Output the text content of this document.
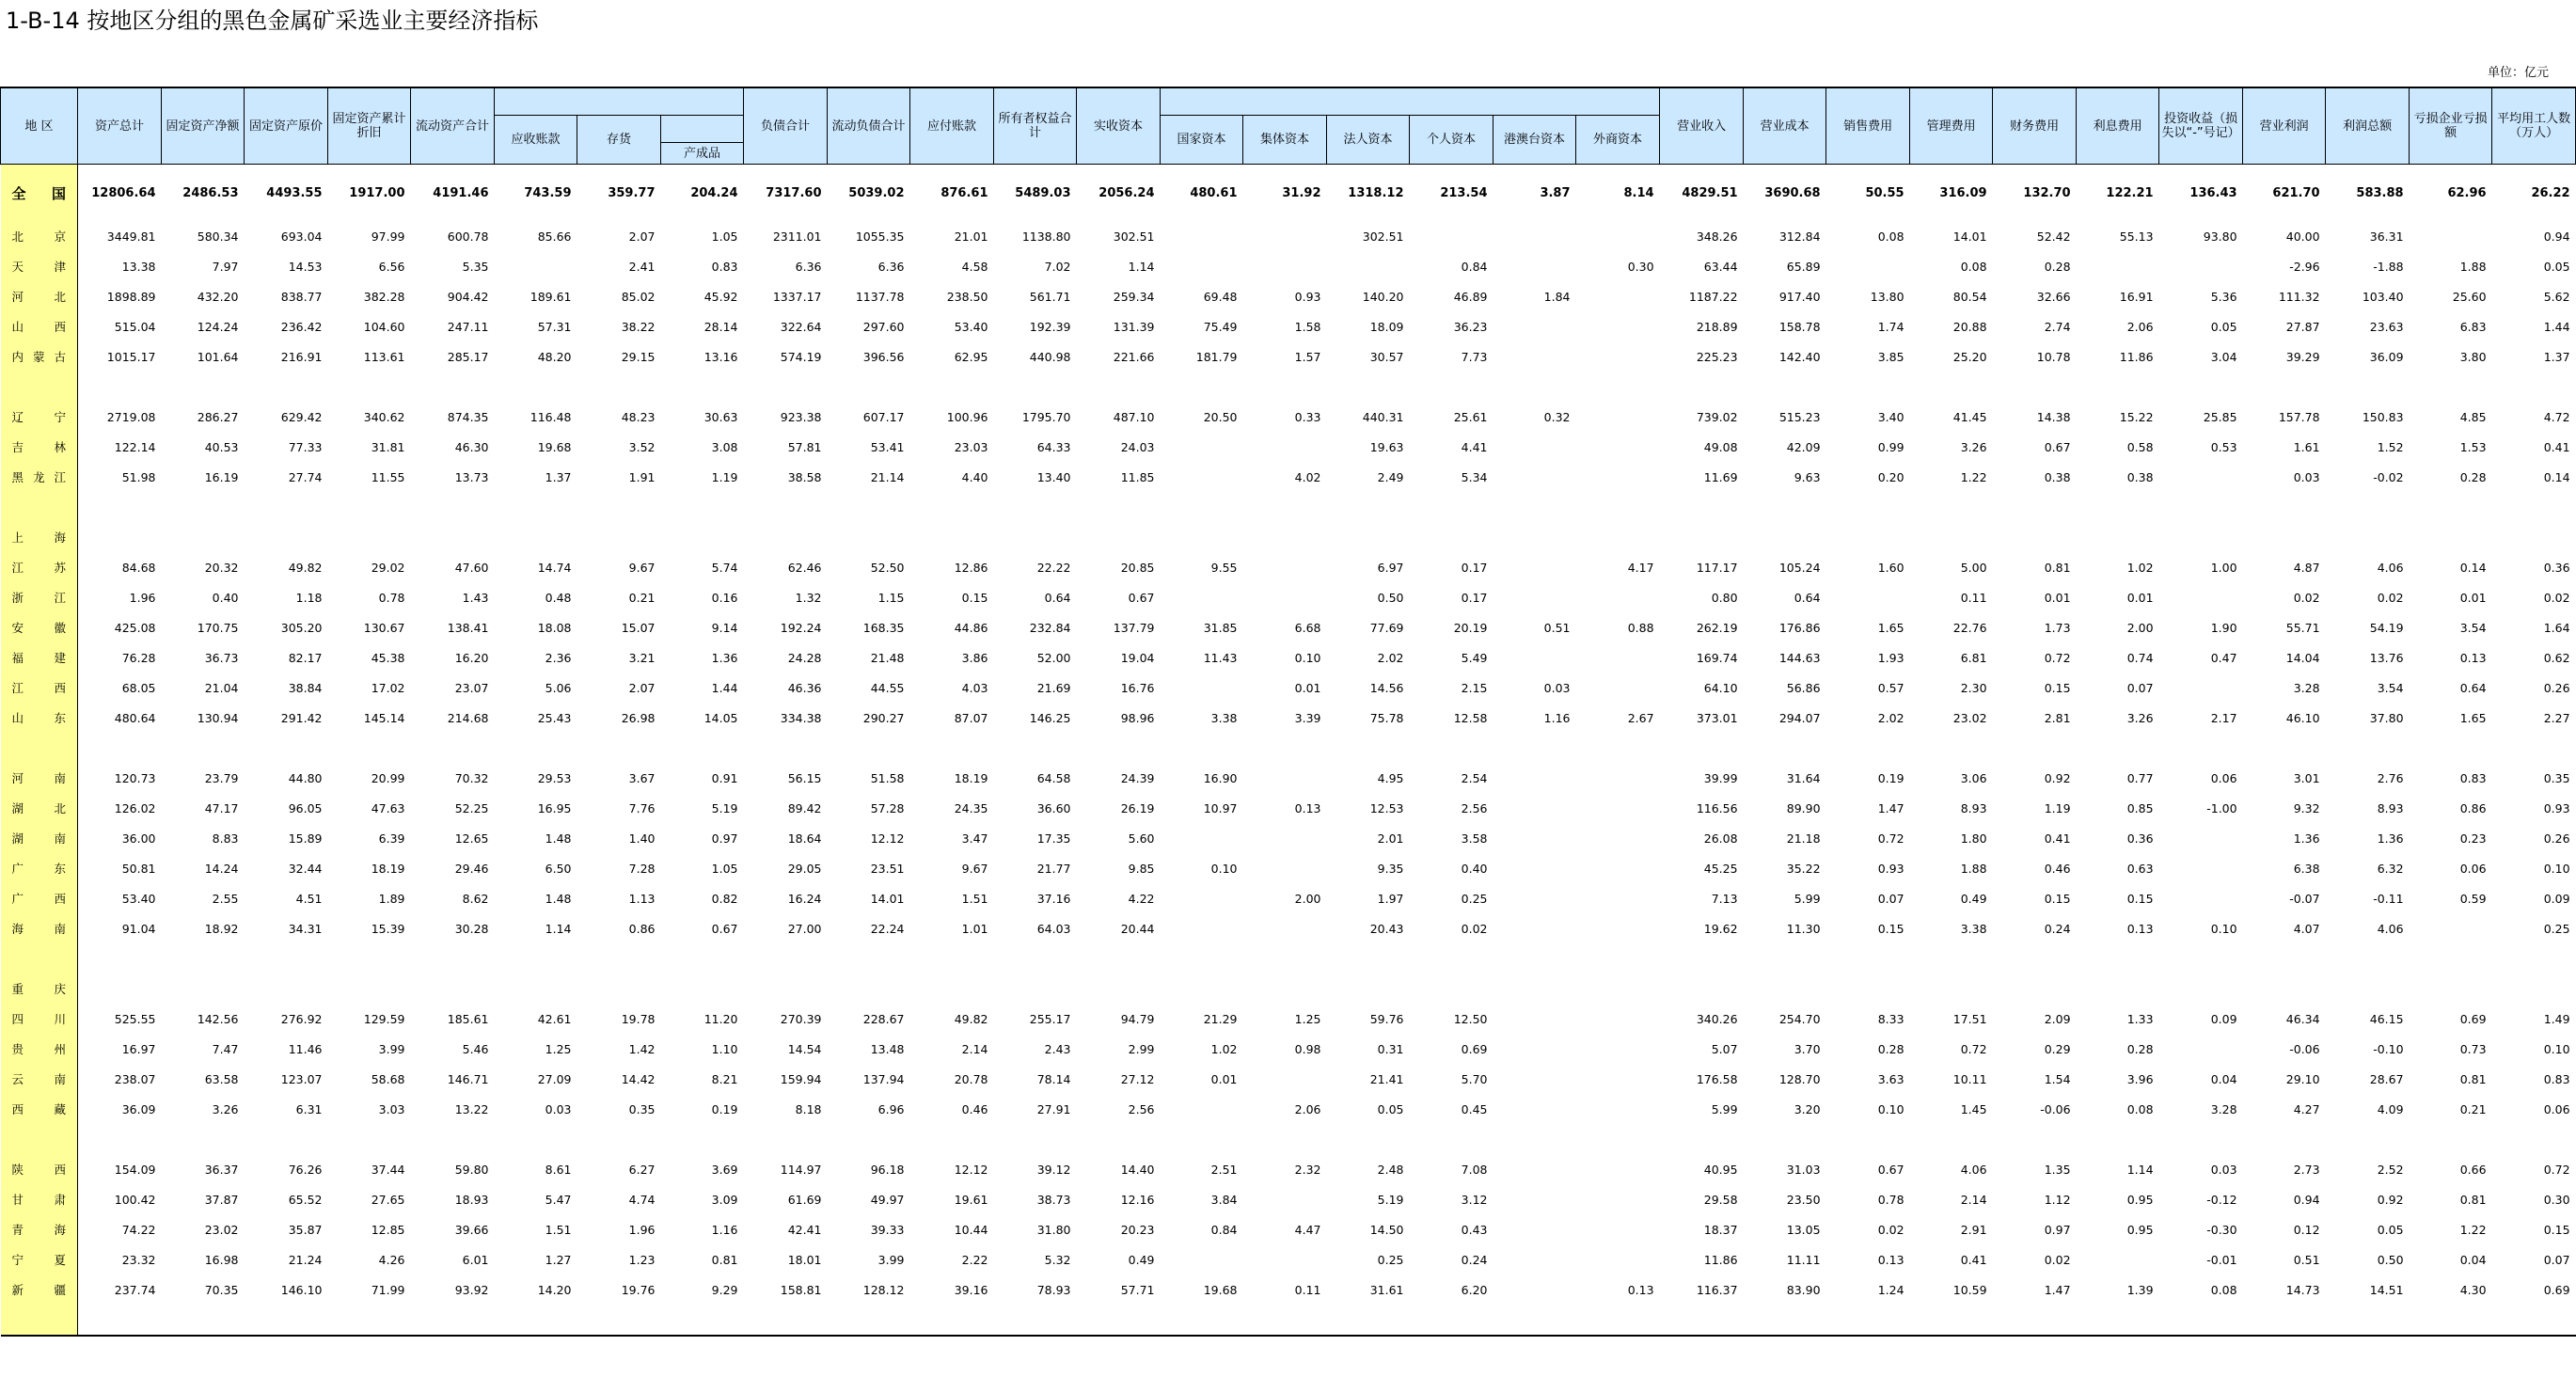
1-B-14 按地区分组的黑色金属矿采选业主要经济指标
单位：亿元
地 区	资产总计	固定资产净额	固定资产原价	固定资产累计折旧	流动资产合计				负债合计	流动负债合计	应付账款	所有者权益合计	实收资本							营业收入	营业成本	销售费用	管理费用	财务费用	利息费用	投资收益（损失以“-”号记）	营业利润	利润总额	亏损企业亏损额	平均用工人数（万人）
						应收账款	存货							国家资本	集体资本	法人资本	个人资本	港澳台资本	外商资本											
								产成品																						
全 国	12806.64	2486.53	4493.55	1917.00	4191.46	743.59	359.77	204.24	7317.60	5039.02	876.61	5489.03	2056.24	480.61	31.92	1318.12	213.54	3.87	8.14	4829.51	3690.68	50.55	316.09	132.70	122.21	136.43	621.70	583.88	62.96	26.22
北 京	3449.81	580.34	693.04	97.99	600.78	85.66	2.07	1.05	2311.01	1055.35	21.01	1138.80	302.51			302.51				348.26	312.84	0.08	14.01	52.42	55.13	93.80	40.00	36.31		0.94
天 津	13.38	7.97	14.53	6.56	5.35		2.41	0.83	6.36	6.36	4.58	7.02	1.14				0.84		0.30	63.44	65.89		0.08	0.28			-2.96	-1.88	1.88	0.05
河 北	1898.89	432.20	838.77	382.28	904.42	189.61	85.02	45.92	1337.17	1137.78	238.50	561.71	259.34	69.48	0.93	140.20	46.89	1.84		1187.22	917.40	13.80	80.54	32.66	16.91	5.36	111.32	103.40	25.60	5.62
山 西	515.04	124.24	236.42	104.60	247.11	57.31	38.22	28.14	322.64	297.60	53.40	192.39	131.39	75.49	1.58	18.09	36.23			218.89	158.78	1.74	20.88	2.74	2.06	0.05	27.87	23.63	6.83	1.44
内 蒙 古	1015.17	101.64	216.91	113.61	285.17	48.20	29.15	13.16	574.19	396.56	62.95	440.98	221.66	181.79	1.57	30.57	7.73			225.23	142.40	3.85	25.20	10.78	11.86	3.04	39.29	36.09	3.80	1.37

辽 宁	2719.08	286.27	629.42	340.62	874.35	116.48	48.23	30.63	923.38	607.17	100.96	1795.70	487.10	20.50	0.33	440.31	25.61	0.32		739.02	515.23	3.40	41.45	14.38	15.22	25.85	157.78	150.83	4.85	4.72
吉 林	122.14	40.53	77.33	31.81	46.30	19.68	3.52	3.08	57.81	53.41	23.03	64.33	24.03			19.63	4.41			49.08	42.09	0.99	3.26	0.67	0.58	0.53	1.61	1.52	1.53	0.41
黑 龙 江	51.98	16.19	27.74	11.55	13.73	1.37	1.91	1.19	38.58	21.14	4.40	13.40	11.85		4.02	2.49	5.34			11.69	9.63	0.20	1.22	0.38	0.38		0.03	-0.02	0.28	0.14

上 海																														
江 苏	84.68	20.32	49.82	29.02	47.60	14.74	9.67	5.74	62.46	52.50	12.86	22.22	20.85	9.55		6.97	0.17		4.17	117.17	105.24	1.60	5.00	0.81	1.02	1.00	4.87	4.06	0.14	0.36
浙 江	1.96	0.40	1.18	0.78	1.43	0.48	0.21	0.16	1.32	1.15	0.15	0.64	0.67			0.50	0.17			0.80	0.64		0.11	0.01	0.01		0.02	0.02	0.01	0.02
安 徽	425.08	170.75	305.20	130.67	138.41	18.08	15.07	9.14	192.24	168.35	44.86	232.84	137.79	31.85	6.68	77.69	20.19	0.51	0.88	262.19	176.86	1.65	22.76	1.73	2.00	1.90	55.71	54.19	3.54	1.64
福 建	76.28	36.73	82.17	45.38	16.20	2.36	3.21	1.36	24.28	21.48	3.86	52.00	19.04	11.43	0.10	2.02	5.49			169.74	144.63	1.93	6.81	0.72	0.74	0.47	14.04	13.76	0.13	0.62
江 西	68.05	21.04	38.84	17.02	23.07	5.06	2.07	1.44	46.36	44.55	4.03	21.69	16.76		0.01	14.56	2.15	0.03		64.10	56.86	0.57	2.30	0.15	0.07		3.28	3.54	0.64	0.26
山 东	480.64	130.94	291.42	145.14	214.68	25.43	26.98	14.05	334.38	290.27	87.07	146.25	98.96	3.38	3.39	75.78	12.58	1.16	2.67	373.01	294.07	2.02	23.02	2.81	3.26	2.17	46.10	37.80	1.65	2.27

河 南	120.73	23.79	44.80	20.99	70.32	29.53	3.67	0.91	56.15	51.58	18.19	64.58	24.39	16.90		4.95	2.54			39.99	31.64	0.19	3.06	0.92	0.77	0.06	3.01	2.76	0.83	0.35
湖 北	126.02	47.17	96.05	47.63	52.25	16.95	7.76	5.19	89.42	57.28	24.35	36.60	26.19	10.97	0.13	12.53	2.56			116.56	89.90	1.47	8.93	1.19	0.85	-1.00	9.32	8.93	0.86	0.93
湖 南	36.00	8.83	15.89	6.39	12.65	1.48	1.40	0.97	18.64	12.12	3.47	17.35	5.60			2.01	3.58			26.08	21.18	0.72	1.80	0.41	0.36		1.36	1.36	0.23	0.26
广 东	50.81	14.24	32.44	18.19	29.46	6.50	7.28	1.05	29.05	23.51	9.67	21.77	9.85	0.10		9.35	0.40			45.25	35.22	0.93	1.88	0.46	0.63		6.38	6.32	0.06	0.10
广 西	53.40	2.55	4.51	1.89	8.62	1.48	1.13	0.82	16.24	14.01	1.51	37.16	4.22		2.00	1.97	0.25			7.13	5.99	0.07	0.49	0.15	0.15		-0.07	-0.11	0.59	0.09
海 南	91.04	18.92	34.31	15.39	30.28	1.14	0.86	0.67	27.00	22.24	1.01	64.03	20.44			20.43	0.02			19.62	11.30	0.15	3.38	0.24	0.13	0.10	4.07	4.06		0.25

重 庆																														
四 川	525.55	142.56	276.92	129.59	185.61	42.61	19.78	11.20	270.39	228.67	49.82	255.17	94.79	21.29	1.25	59.76	12.50			340.26	254.70	8.33	17.51	2.09	1.33	0.09	46.34	46.15	0.69	1.49
贵 州	16.97	7.47	11.46	3.99	5.46	1.25	1.42	1.10	14.54	13.48	2.14	2.43	2.99	1.02	0.98	0.31	0.69			5.07	3.70	0.28	0.72	0.29	0.28		-0.06	-0.10	0.73	0.10
云 南	238.07	63.58	123.07	58.68	146.71	27.09	14.42	8.21	159.94	137.94	20.78	78.14	27.12	0.01		21.41	5.70			176.58	128.70	3.63	10.11	1.54	3.96	0.04	29.10	28.67	0.81	0.83
西 藏	36.09	3.26	6.31	3.03	13.22	0.03	0.35	0.19	8.18	6.96	0.46	27.91	2.56		2.06	0.05	0.45			5.99	3.20	0.10	1.45	-0.06	0.08	3.28	4.27	4.09	0.21	0.06

陕 西	154.09	36.37	76.26	37.44	59.80	8.61	6.27	3.69	114.97	96.18	12.12	39.12	14.40	2.51	2.32	2.48	7.08			40.95	31.03	0.67	4.06	1.35	1.14	0.03	2.73	2.52	0.66	0.72
甘 肃	100.42	37.87	65.52	27.65	18.93	5.47	4.74	3.09	61.69	49.97	19.61	38.73	12.16	3.84		5.19	3.12			29.58	23.50	0.78	2.14	1.12	0.95	-0.12	0.94	0.92	0.81	0.30
青 海	74.22	23.02	35.87	12.85	39.66	1.51	1.96	1.16	42.41	39.33	10.44	31.80	20.23	0.84	4.47	14.50	0.43			18.37	13.05	0.02	2.91	0.97	0.95	-0.30	0.12	0.05	1.22	0.15
宁 夏	23.32	16.98	21.24	4.26	6.01	1.27	1.23	0.81	18.01	3.99	2.22	5.32	0.49			0.25	0.24			11.86	11.11	0.13	0.41	0.02		-0.01	0.51	0.50	0.04	0.07
新 疆	237.74	70.35	146.10	71.99	93.92	14.20	19.76	9.29	158.81	128.12	39.16	78.93	57.71	19.68	0.11	31.61	6.20		0.13	116.37	83.90	1.24	10.59	1.47	1.39	0.08	14.73	14.51	4.30	0.69
